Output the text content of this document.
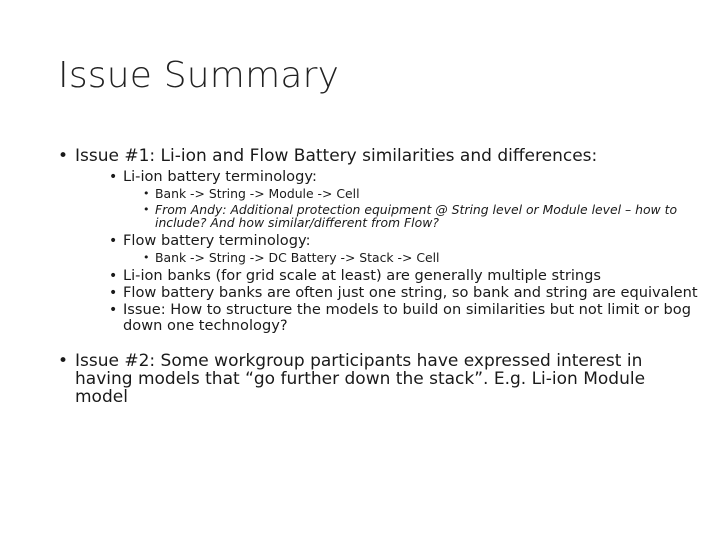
Issue Summary
• Issue #1: Li-ion and Flow Battery similarities and differences:
• Li-ion battery terminology:
• Bank -> String -> Module -> Cell
• From Andy: Additional protection equipment @ String level or Module level – how to include? And how similar/different from Flow?
• Flow battery terminology:
• Bank -> String -> DC Battery -> Stack -> Cell
• Li-ion banks (for grid scale at least) are generally multiple strings
• Flow battery banks are often just one string, so bank and string are equivalent
• Issue: How to structure the models to build on similarities but not limit or bog down one technology?
• Issue #2: Some workgroup participants have expressed interest in having models that “go further down the stack”. E.g. Li-ion Module model
